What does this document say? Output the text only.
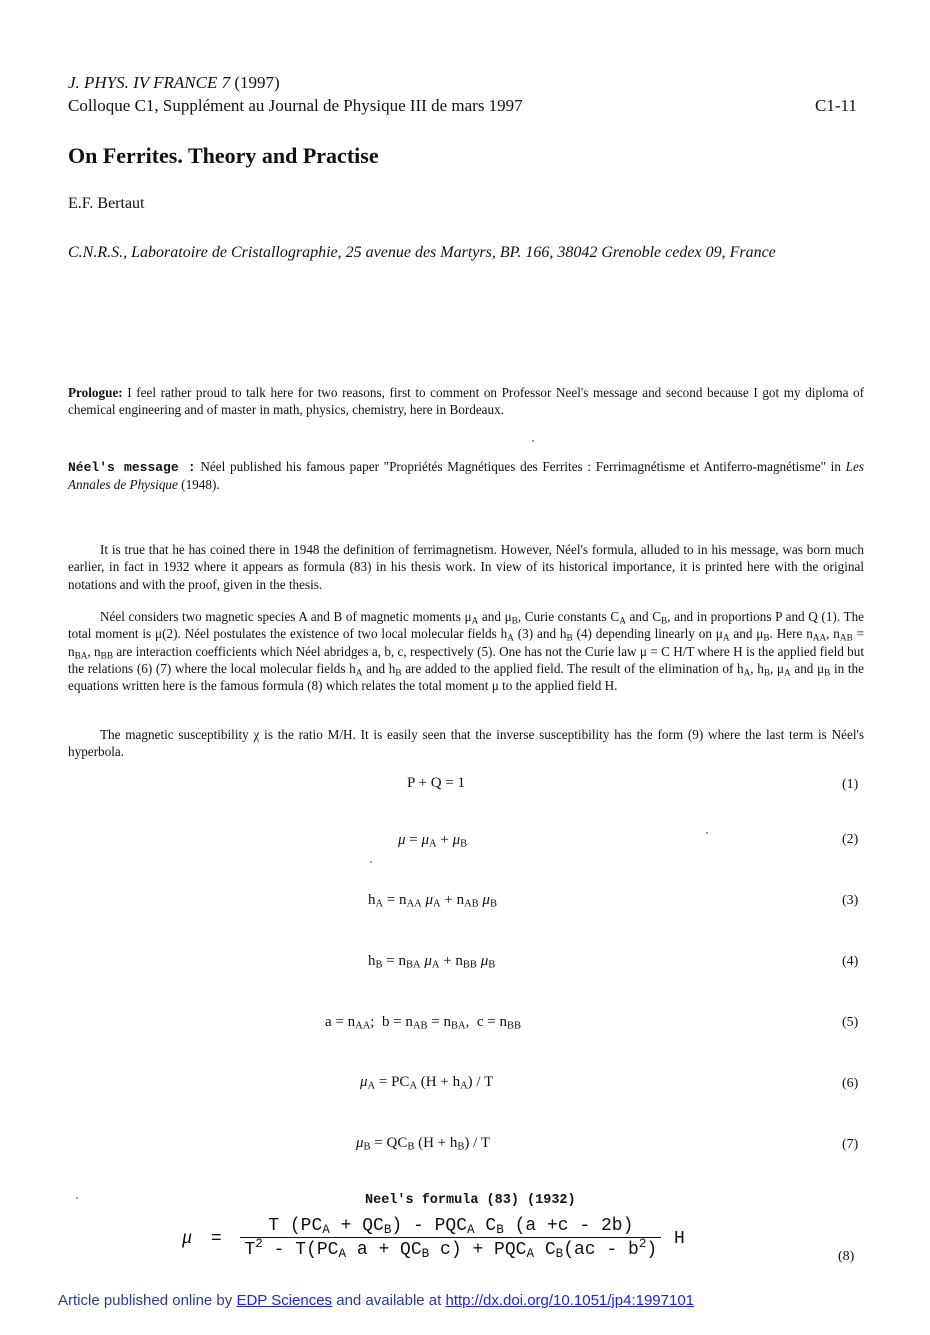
J. PHYS. IV FRANCE 7 (1997)
Colloque C1, Supplément au Journal de Physique III de mars 1997	C1-11
On Ferrites. Theory and Practise
E.F. Bertaut
C.N.R.S., Laboratoire de Cristallographie, 25 avenue des Martyrs, BP. 166, 38042 Grenoble cedex 09, France
Prologue: I feel rather proud to talk here for two reasons, first to comment on Professor Neel's message and second because I got my diploma of chemical engineering and of master in math, physics, chemistry, here in Bordeaux.
Néel's message : Néel published his famous paper "Propriétés Magnétiques des Ferrites : Ferrimagnétisme et Antiferro-magnétisme" in Les Annales de Physique (1948).
It is true that he has coined there in 1948 the definition of ferrimagnetism. However, Néel's formula, alluded to in his message, was born much earlier, in fact in 1932 where it appears as formula (83) in his thesis work. In view of its historical importance, it is printed here with the original notations and with the proof, given in the thesis.
Néel considers two magnetic species A and B of magnetic moments $\mu_A$ and $\mu_B$, Curie constants $C_A$ and $C_B$, and in proportions P and Q (1). The total moment is μ(2). Néel postulates the existence of two local molecular fields $h_A$ (3) and $h_B$ (4) depending linearly on $\mu_A$ and $\mu_B$. Here $n_{AA}$, $n_{AB} = n_{BA}$, $n_{BB}$ are interaction coefficients which Néel abridges a, b, c, respectively (5). One has not the Curie law μ = C H/T where H is the applied field but the relations (6) (7) where the local molecular fields $h_A$ and $h_B$ are added to the applied field. The result of the elimination of $h_A$, $h_B$, $\mu_A$ and $\mu_B$ in the equations written here is the famous formula (8) which relates the total moment μ to the applied field H.
The magnetic susceptibility χ is the ratio M/H. It is easily seen that the inverse susceptibility has the form (9) where the last term is Néel's hyperbola.
P + Q = 1	(1)
$\mu = \mu_A + \mu_B$	(2)
$h_A = n_{AA}$ $\mu_A + n_{AB}$ $\mu_B$	(3)
$h_B = n_{BA}$ $\mu_A + n_{BB}$ $\mu_B$	(4)
$a = n_{AA}$;  $b = n_{AB} = n_{BA}$,  $c = n_{BB}$	(5)
$\mu_A = PC_A$ $(H + h_A) / T$	(6)
$\mu_B = QC_B$ $(H + h_B) / T$	(7)
Neel's formula (83) (1932)
$\mu = \frac{T (PC_A + QC_B) - PQC_A C_B (a +c - 2b)}{T^2 - T(PC_A a + QC_B c) + PQC_A C_B(ac - b^2)}$ H
(8)
Article published online by EDP Sciences and available at http://dx.doi.org/10.1051/jp4:1997101
